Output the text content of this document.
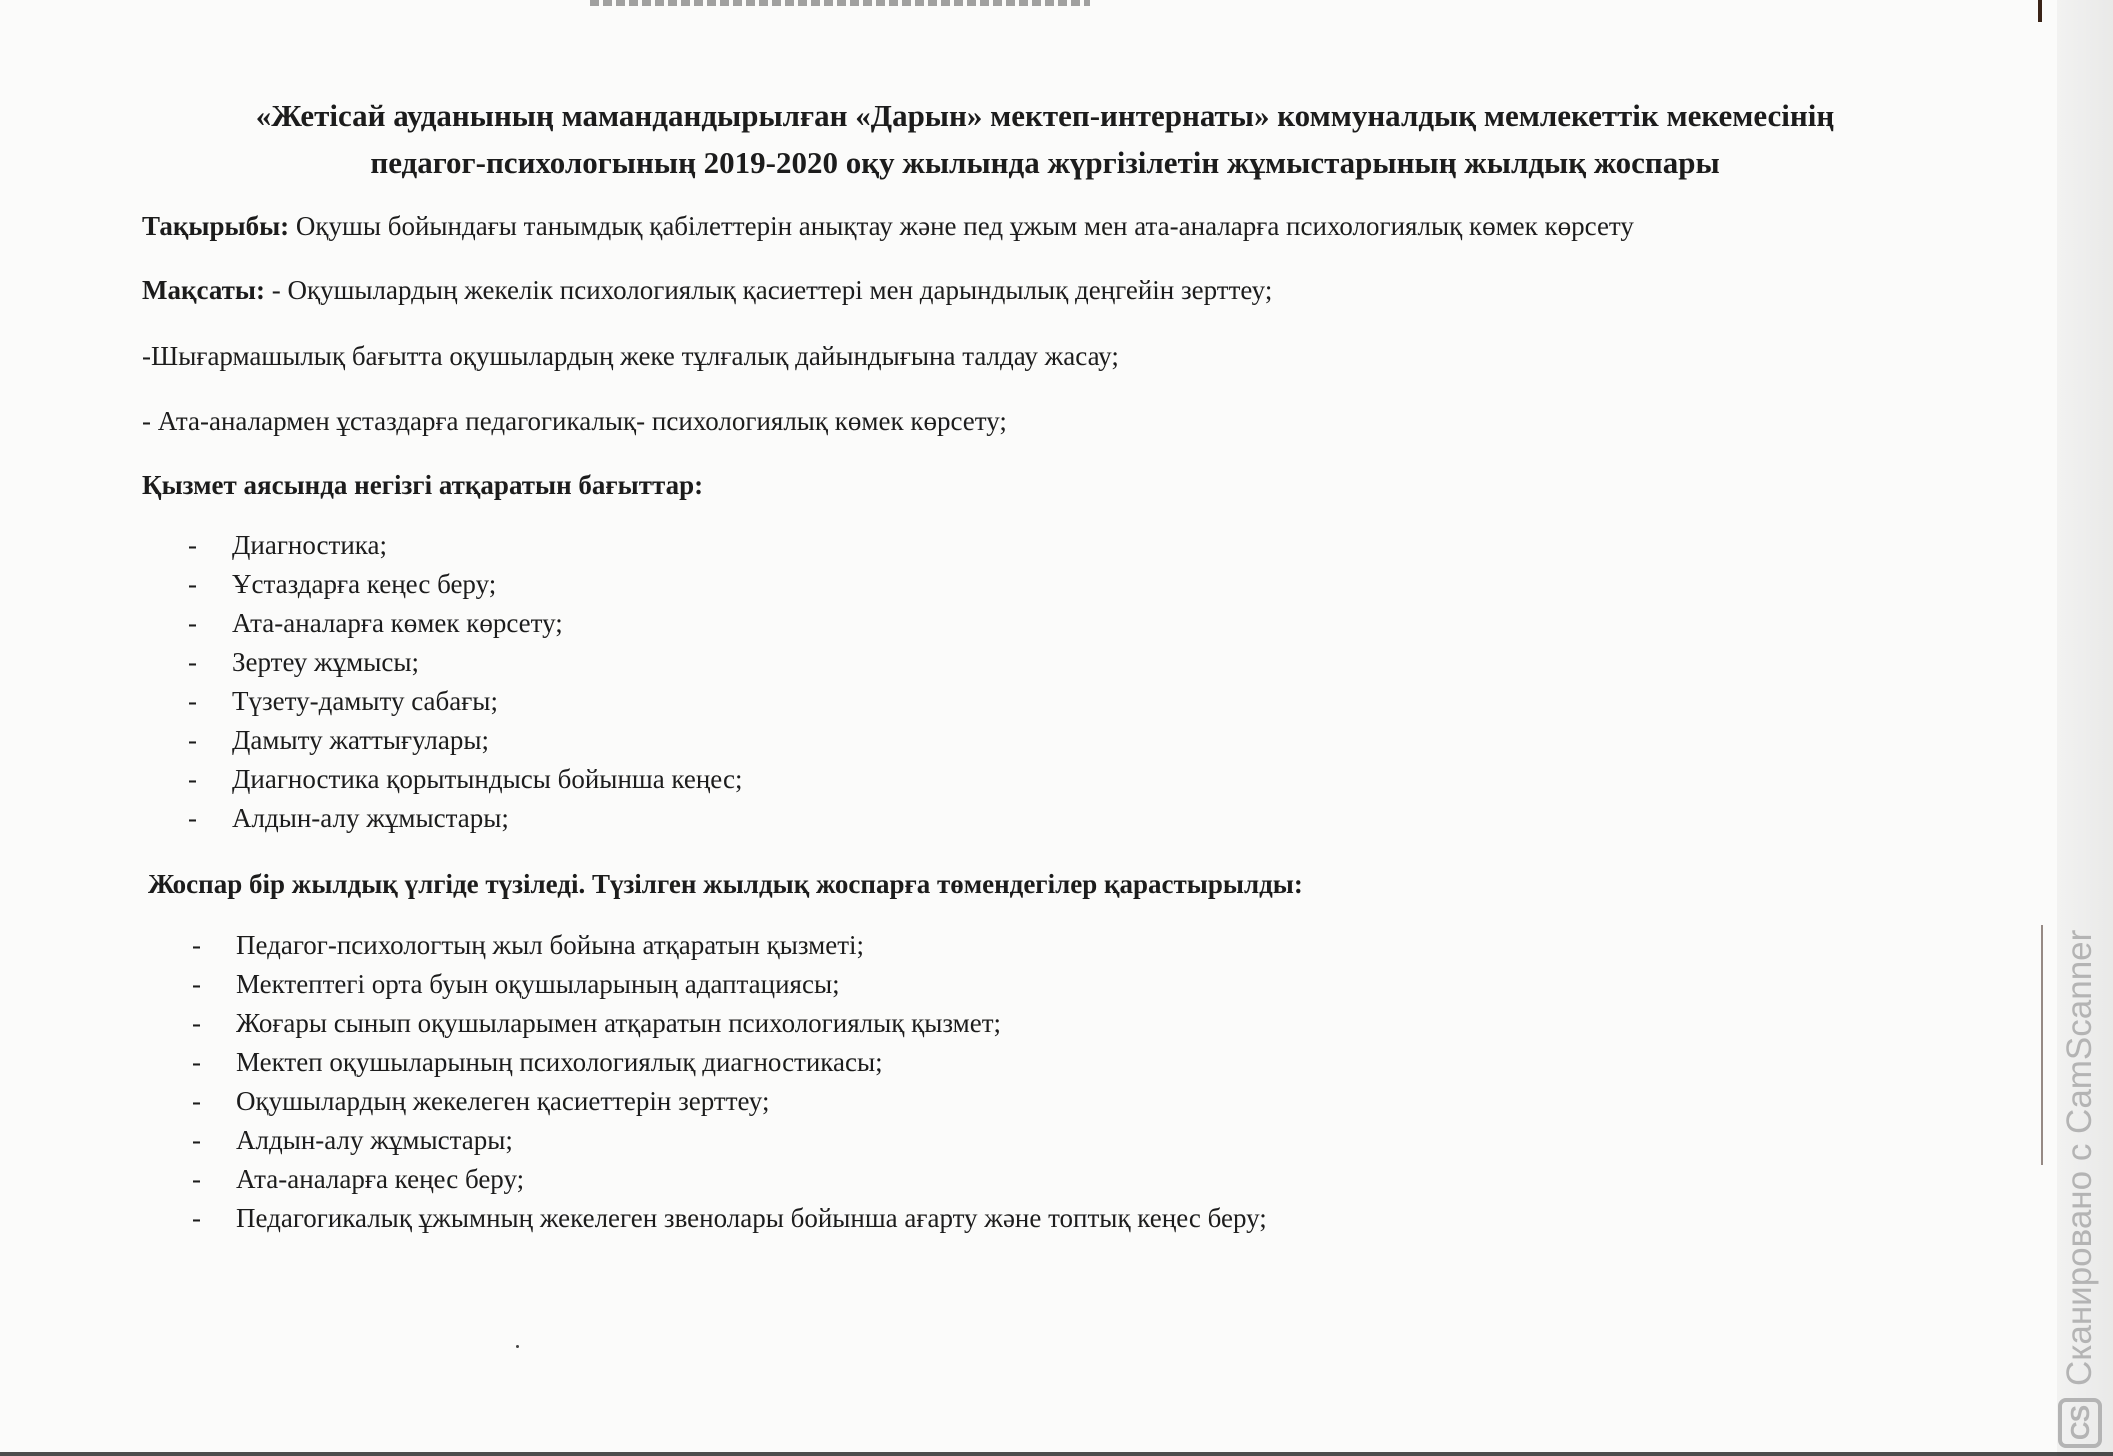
«Жетісай ауданының мамандандырылған «Дарын» мектеп-интернаты» коммуналдық мемлекеттік мекемесінің
педагог-психологының 2019-2020 оқу жылында жүргізілетін жұмыстарының жылдық жоспары
Тақырыбы: Оқушы бойындағы танымдық қабілеттерін анықтау және пед ұжым мен ата-аналарға психологиялық көмек көрсету
Мақсаты: - Оқушылардың жекелік психологиялық қасиеттері мен дарындылық деңгейін зерттеу;
-Шығармашылық бағытта оқушылардың жеке тұлғалық дайындығына талдау жасау;
- Ата-аналармен ұстаздарға педагогикалық- психологиялық көмек көрсету;
Қызмет аясында негізгі атқаратын бағыттар:
- Диагностика;
- Ұстаздарға кеңес беру;
- Ата-аналарға көмек көрсету;
- Зертеу жұмысы;
- Түзету-дамыту сабағы;
- Дамыту жаттығулары;
- Диагностика қорытындысы бойынша кеңес;
- Алдын-алу жұмыстары;
Жоспар бір жылдық үлгіде түзіледі. Түзілген жылдық жоспарға төмендегілер қарастырылды:
- Педагог-психологтың жыл бойына атқаратын қызметі;
- Мектептегі орта буын оқушыларының адаптациясы;
- Жоғары сынып оқушыларымен атқаратын психологиялық қызмет;
- Мектеп оқушыларының психологиялық диагностикасы;
- Оқушылардың жекелеген қасиеттерін зерттеу;
- Алдын-алу жұмыстары;
- Ата-аналарға кеңес беру;
- Педагогикалық ұжымның жекелеген звенолары бойынша ағарту және топтық кеңес беру;
CS
Сканировано с CamScanner
